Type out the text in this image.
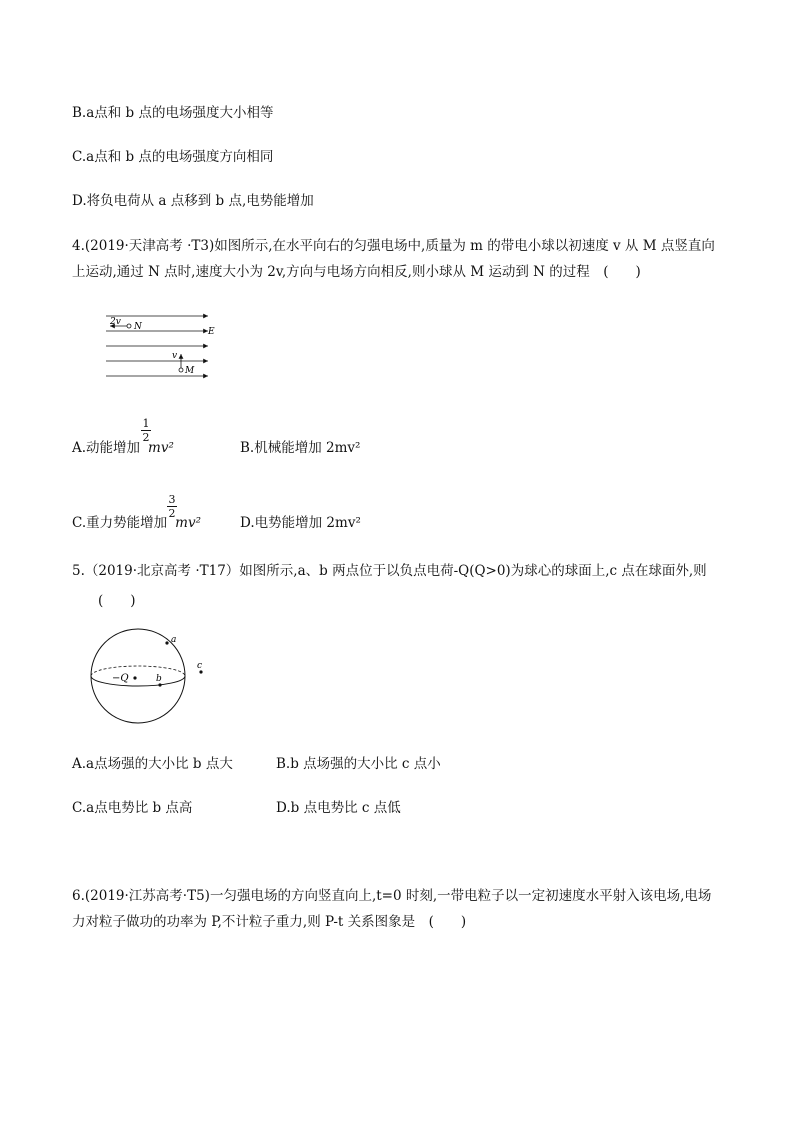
B.a点和 b 点的电场强度大小相等
C.a点和 b 点的电场强度方向相同
D.将负电荷从 a 点移到 b 点,电势能增加
4.(2019·天津高考 ·T3)如图所示,在水平向右的匀强电场中,质量为 m 的带电小球以初速度 v 从 M 点竖直向上运动,通过 N 点时,速度大小为 2v,方向与电场方向相反,则小球从 M 运动到 N 的过程　(　　)
2v N	E
v
M
A.动能增加 mv²
1
2
B.机械能增加 2mv²
C.重力势能增加 mv²
3
2
D.电势能增加 2mv²
5.（2019·北京高考 ·T17）如图所示,a、b 两点位于以负点电荷-Q(Q>0)为球心的球面上,c 点在球面外,则
(　　)
a
−Q	b
c
A.a点场强的大小比 b 点大	B.b 点场强的大小比 c 点小
C.a点电势比 b 点高	D.b 点电势比 c 点低
6.(2019·江苏高考·T5)一匀强电场的方向竖直向上,t=0 时刻,一带电粒子以一定初速度水平射入该电场,电场力对粒子做功的功率为 P,不计粒子重力,则 P-t 关系图象是　(　　)
